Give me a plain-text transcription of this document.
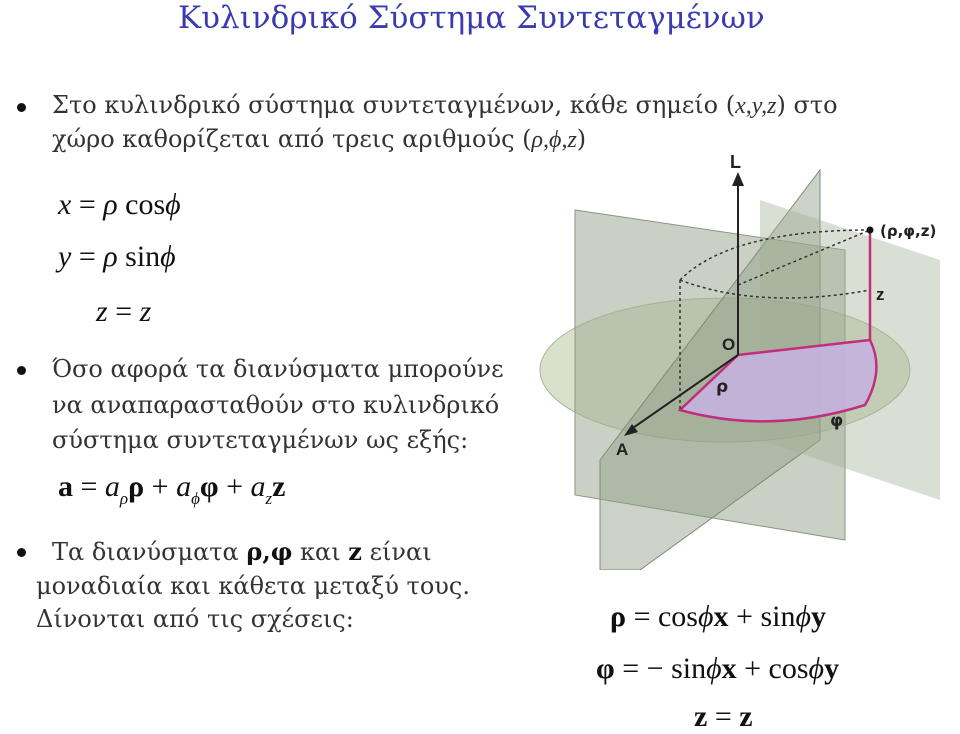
Κυλινδρικό Σύστημα Συντεταγμένων
Στο κυλινδρικό σύστημα συντεταγμένων, κάθε σημείο (x,y,z) στο
χώρο καθορίζεται από τρεις αριθμούς (ρ,ϕ,z)
x = ρ cosϕ
y = ρ sinϕ
z = z
Όσο αφορά τα διανύσματα μπορούνε
να αναπαρασταθούν στο κυλινδρικό
σύστημα συντεταγμένων ως εξής:
$a = a_\rho\rho + a_\phi\varphi + a_zz$
Τα διανύσματα ρ,φ και z είναι
μοναδιαία και κάθετα μεταξύ τους.
Δίνονται από τις σχέσεις:	ρ = cosϕx + sinϕy
φ = − sinϕx + cosϕy
z = z
L
O
A
z
ρ
φ
(ρ,φ,z)
